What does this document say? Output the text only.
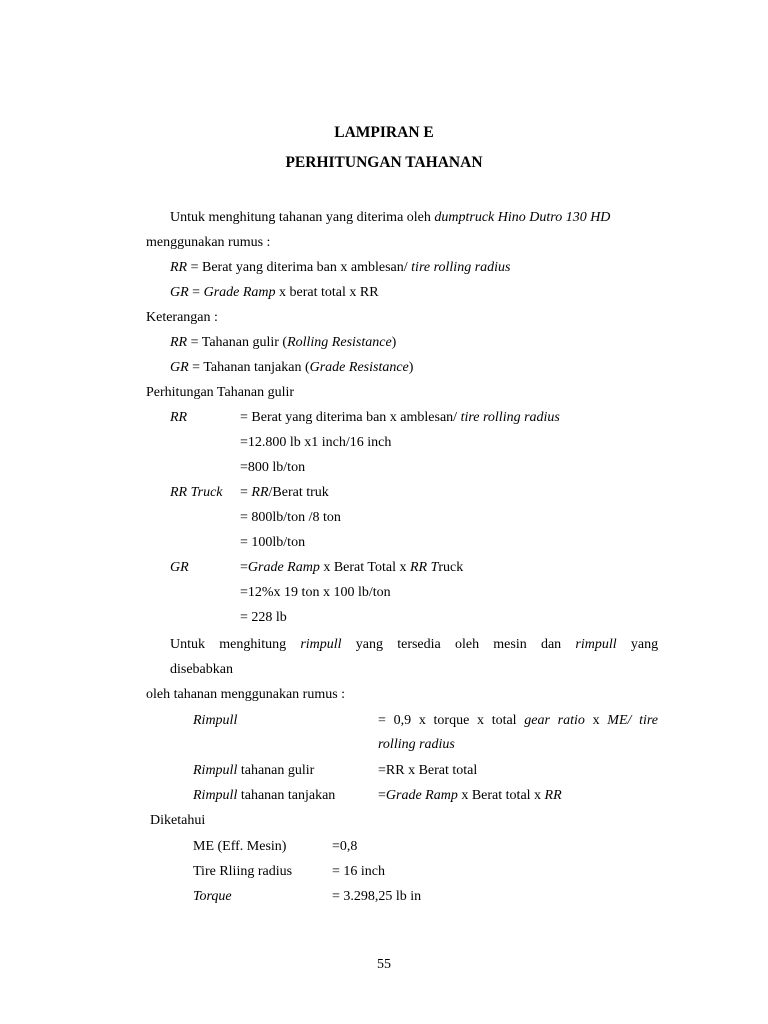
LAMPIRAN E
PERHITUNGAN TAHANAN
Untuk menghitung tahanan yang diterima oleh dumptruck Hino Dutro 130 HD
menggunakan rumus :
RR = Berat yang diterima ban x amblesan/ tire rolling radius
GR = Grade Ramp x berat total x RR
Keterangan :
RR = Tahanan gulir (Rolling Resistance)
GR = Tahanan tanjakan (Grade Resistance)
Perhitungan Tahanan gulir
RR	= Berat yang diterima ban x amblesan/ tire rolling radius
=12.800 lb x1 inch/16 inch
=800 lb/ton
RR Truck = RR/Berat truk
= 800lb/ton /8 ton
= 100lb/ton
GR	=Grade Ramp x Berat Total x RR Truck
=12%x 19 ton x 100 lb/ton
= 228 lb
Untuk menghitung rimpull yang tersedia oleh mesin dan rimpull yang
disebabkan
oleh tahanan menggunakan rumus :
Rimpull	= 0,9 x torque x total gear ratio x ME/ tire
rolling radius
Rimpull tahanan gulir	=RR x Berat total
Rimpull tahanan tanjakan	=Grade Ramp x Berat total x RR
Diketahui
ME (Eff. Mesin)	=0,8
Tire Rliing radius	= 16 inch
Torque	= 3.298,25 lb in
55
